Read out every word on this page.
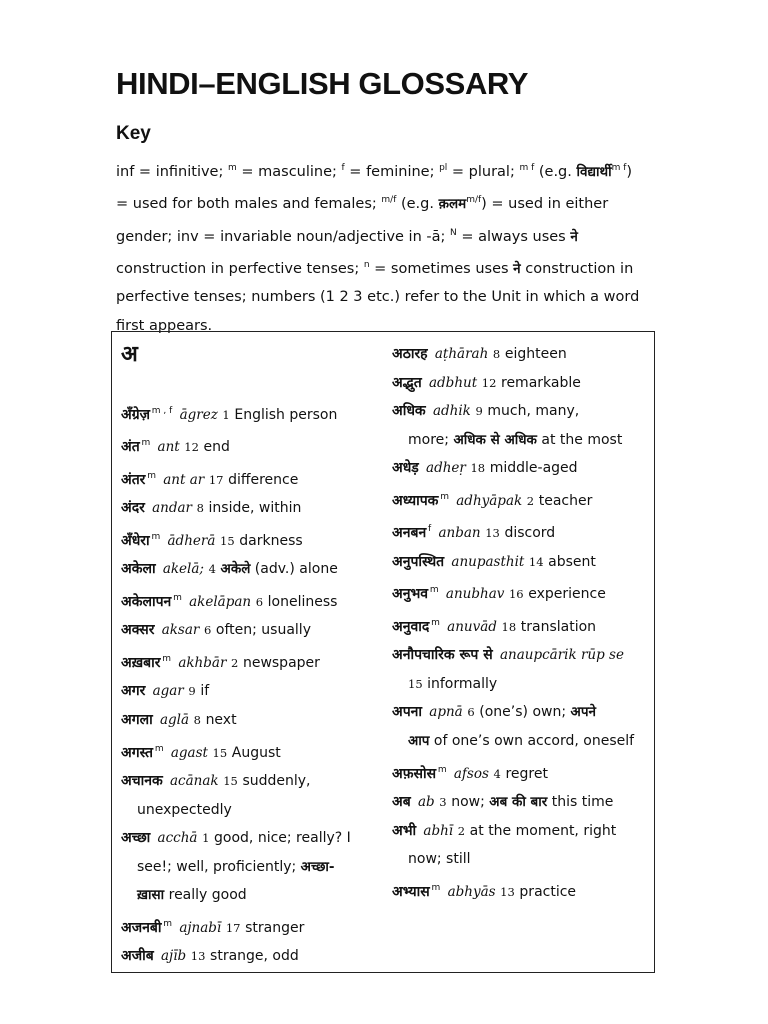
HINDI–ENGLISH GLOSSARY
Key
inf = infinitive; $^m$ = masculine; $^f$ = feminine; $^{pl}$ = plural; $^{m f}$ (e.g. विद्यार्थी$^{m f}$)
= used for both males and females; $^{m/f}$ (e.g. क़लम$^{m/f}$) = used in either
gender; inv = invariable noun/adjective in -ā; $^N$ = always uses ने
construction in perfective tenses; $^n$ = sometimes uses ने construction in
perfective tenses; numbers (1 2 3 etc.) refer to the Unit in which a word
first appears.
अ
अँग्रेज़ $^{m , f}$  āgrez 1 English person
अंत $^m$  ant 12 end
अंतर $^m$  ant ar 17 difference
अंदर  andar 8 inside, within
अँधेरा $^m$  ādherā 15 darkness
अकेला  akelā; 4 अकेले (adv.) alone
अकेलापन $^m$  akelāpan 6 loneliness
अक्सर  aksar 6 often; usually
अख़बार $^m$  akhbār 2 newspaper
अगर  agar 9 if
अगला  aglā 8 next
अगस्त $^m$  agast 15 August
अचानक  acānak 15 suddenly,
unexpectedly
अच्छा  acchā 1 good, nice; really? I
see!; well, proficiently; अच्छा-
ख़ासा really good
अजनबी $^m$  ajnabī 17 stranger
अजीब  ajīb 13 strange, odd
अठारह  aṭhārah 8 eighteen
अद्भुत  adbhut 12 remarkable
अधिक  adhik 9 much, many,
more; अधिक से अधिक at the most
अधेड़  adheṛ 18 middle-aged
अध्यापक $^m$  adhyāpak 2 teacher
अनबन $^f$  anban 13 discord
अनुपस्थित  anupasthit 14 absent
अनुभव $^m$  anubhav 16 experience
अनुवाद $^m$  anuvād 18 translation
अनौपचारिक रूप से  anaupcārik rūp se
15 informally
अपना  apnā 6 (one’s) own; अपने
आप of one’s own accord, oneself
अफ़सोस $^m$  afsos 4 regret
अब  ab 3 now; अब की बार this time
अभी  abhī 2 at the moment, right
now; still
अभ्यास $^m$  abhyās 13 practice
